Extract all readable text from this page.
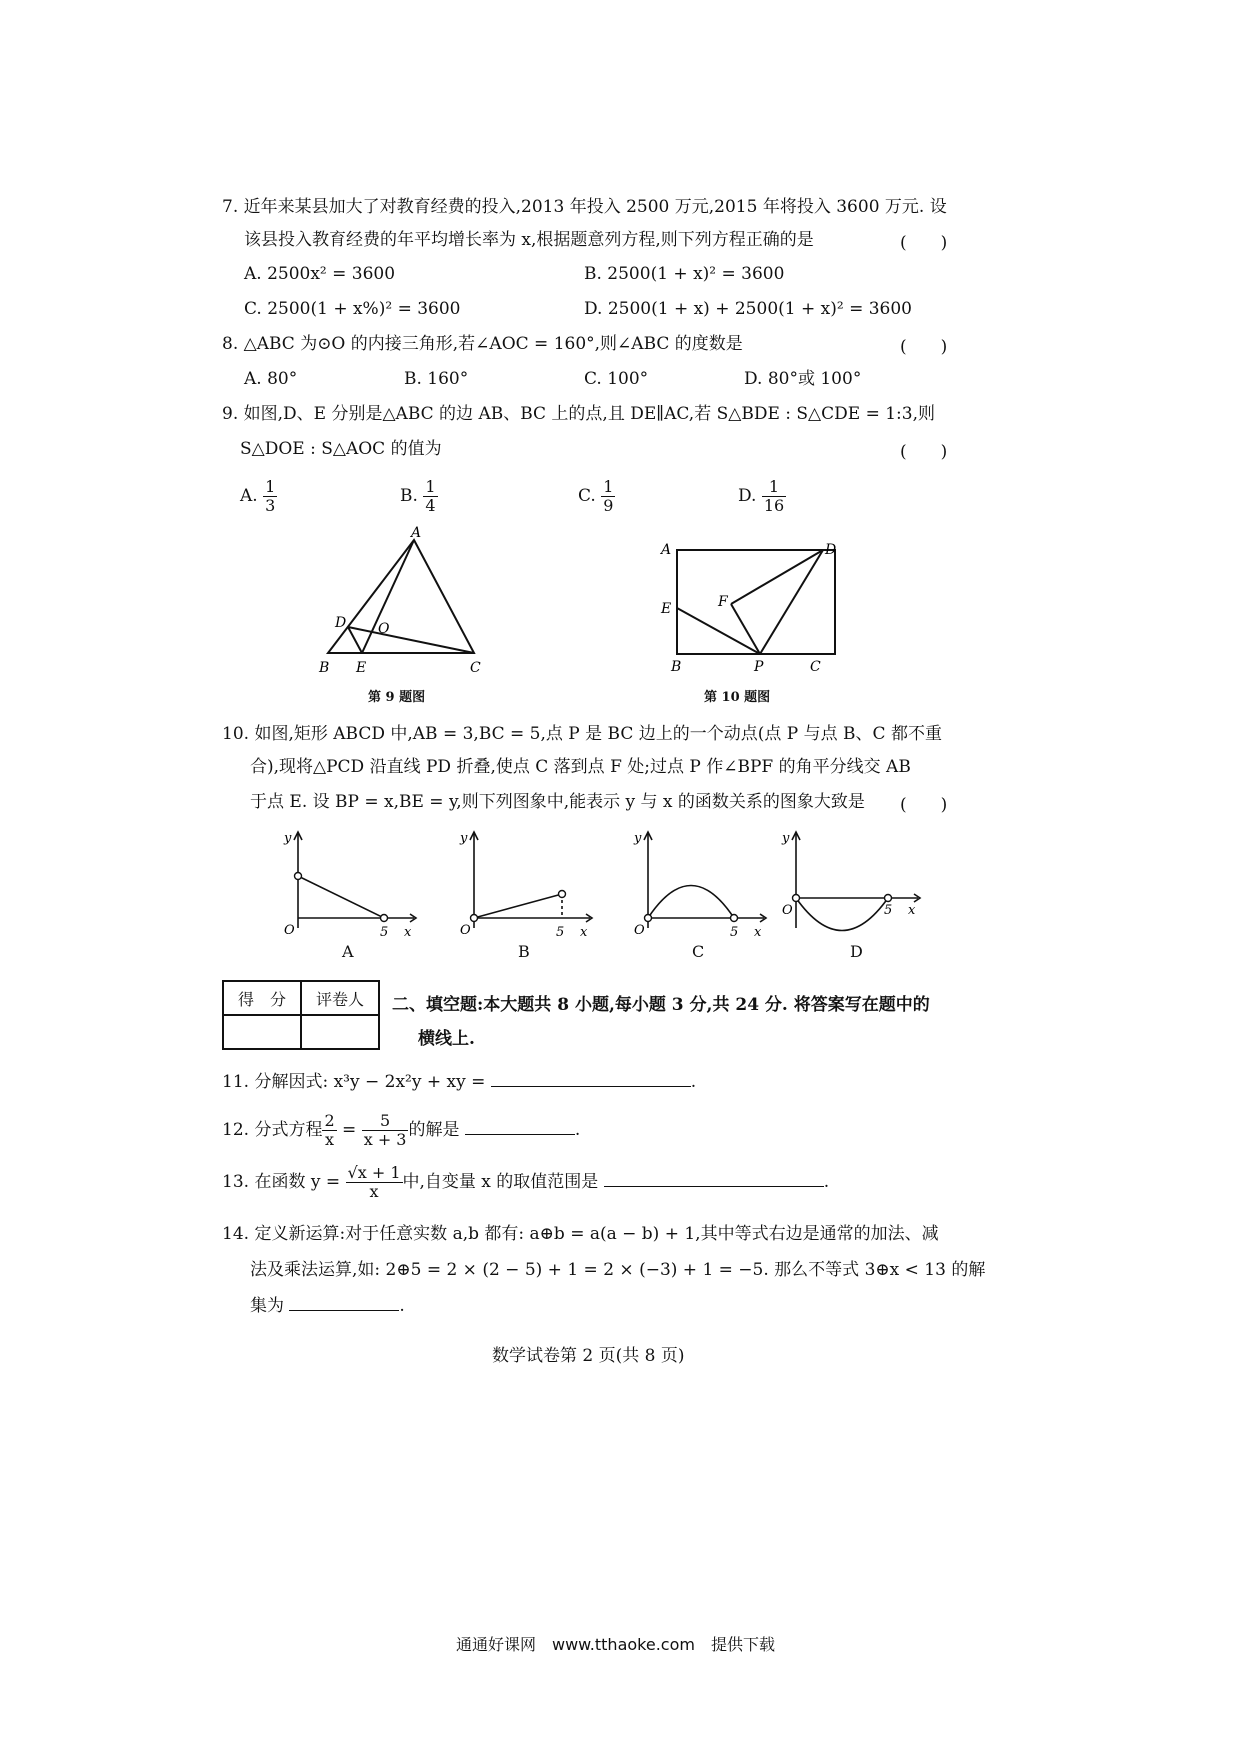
7. 近年来某县加大了对教育经费的投入,2013 年投入 2500 万元,2015 年将投入 3600 万元. 设
该县投入教育经费的年平均增长率为 x,根据题意列方程,则下列方程正确的是	(　　)
A. 2500x² = 3600	B. 2500(1 + x)² = 3600
C. 2500(1 + x%)² = 3600	D. 2500(1 + x) + 2500(1 + x)² = 3600
8. △ABC 为⊙O 的内接三角形,若∠AOC = 160°,则∠ABC 的度数是	(　　)
A. 80°	B. 160°	C. 100°	D. 80°或 100°
9. 如图,D、E 分别是△ABC 的边 AB、BC 上的点,且 DE∥AC,若 S△BDE : S△CDE = 1:3,则
S△DOE : S△AOC 的值为	(　　)
A. $\frac{1}{3}$	B. $\frac{1}{4}$	C. $\frac{1}{9}$	D. $\frac{1}{16}$
A
D O
B E	C
第 9 题图
A	D
E	F
B	P	C
第 10 题图
10. 如图,矩形 ABCD 中,AB = 3,BC = 5,点 P 是 BC 边上的一个动点(点 P 与点 B、C 都不重
合),现将△PCD 沿直线 PD 折叠,使点 C 落到点 F 处;过点 P 作∠BPF 的角平分线交 AB
于点 E. 设 BP = x,BE = y,则下列图象中,能表示 y 与 x 的函数关系的图象大致是 (　　)
y
O	5 x
A
y
O	5 x
B
y
O	5 x
C
y
O	5 x
D
得　分	评卷人
	二、填空题:本大题共 8 小题,每小题 3 分,共 24 分. 将答案写在题中的
横线上.
11. 分解因式: x³y − 2x²y + xy =	.
12. 分式方程 $\frac{2}{x} = \frac{5}{x + 3}$ 的解是	.
13. 在函数 $y = \frac{√x + 1}{x}$ 中,自变量 x 的取值范围是	.
14. 定义新运算:对于任意实数 a,b 都有: a⊕b = a(a − b) + 1,其中等式右边是通常的加法、减
法及乘法运算,如: 2⊕5 = 2 × (2 − 5) + 1 = 2 × (−3) + 1 = −5. 那么不等式 3⊕x < 13 的解
集为	.
数学试卷第 2 页(共 8 页)
通通好课网　www.tthaoke.com　提供下载
